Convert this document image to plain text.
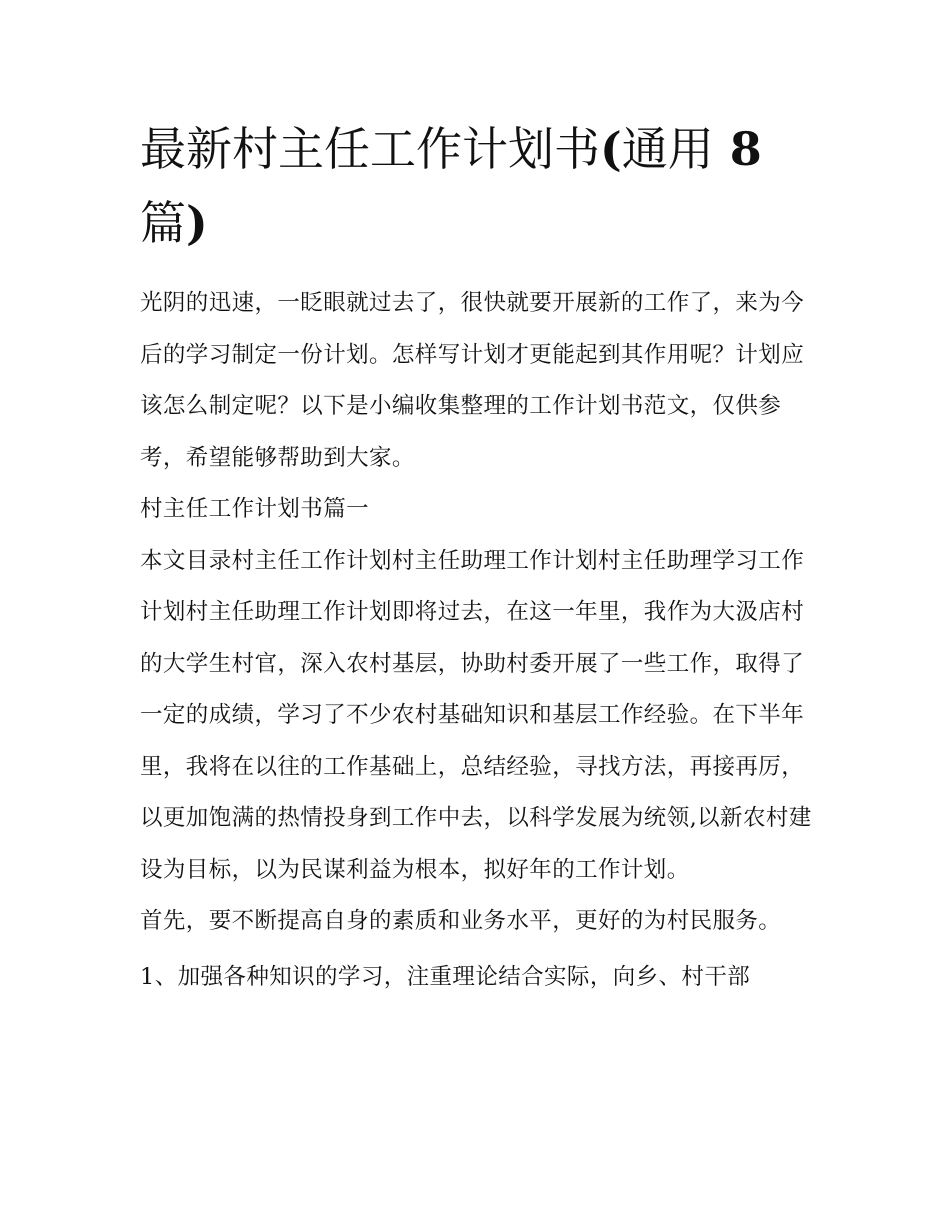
最新村主任工作计划书(通用 8
篇)

光阴的迅速，一眨眼就过去了，很快就要开展新的工作了，来为今后的学习制定一份计划。怎样写计划才更能起到其作用呢？计划应该怎么制定呢？以下是小编收集整理的工作计划书范文，仅供参考，希望能够帮助到大家。

村主任工作计划书篇一

本文目录村主任工作计划村主任助理工作计划村主任助理学习工作计划村主任助理工作计划即将过去，在这一年里，我作为大汲店村的大学生村官，深入农村基层，协助村委开展了一些工作，取得了一定的成绩，学习了不少农村基础知识和基层工作经验。在下半年里，我将在以往的工作基础上，总结经验，寻找方法，再接再厉，以更加饱满的热情投身到工作中去，以科学发展为统领,以新农村建设为目标，以为民谋利益为根本，拟好年的工作计划。

首先，要不断提高自身的素质和业务水平，更好的为村民服务。

1、加强各种知识的学习，注重理论结合实际，向乡、村干部
